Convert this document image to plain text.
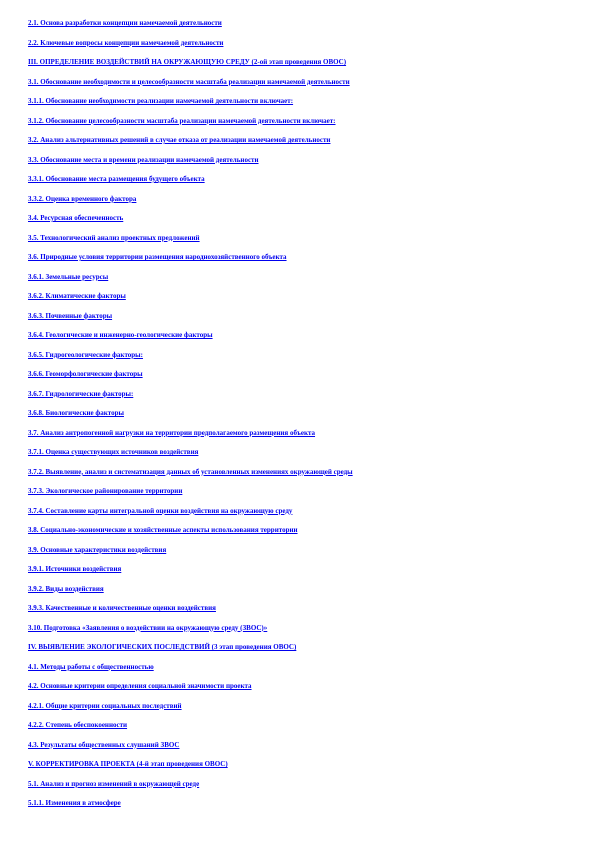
2.1. Основа разработки концепции намечаемой деятельности
2.2. Ключевые вопросы концепции намечаемой деятельности
III. ОПРЕДЕЛЕНИЕ ВОЗДЕЙСТВИЙ НА ОКРУЖАЮЩУЮ СРЕДУ (2-ой этап проведения ОВОС)
3.1. Обоснование необходимости и целесообразности масштаба реализации намечаемой деятельности
3.1.1. Обоснование необходимости реализации намечаемой деятельности включает:
3.1.2. Обоснование целесообразности масштаба реализации намечаемой деятельности включает:
3.2. Анализ альтернативных решений в случае отказа от реализации намечаемой деятельности
3.3. Обоснование места и времени реализации намечаемой деятельности
3.3.1. Обоснование места размещения будущего объекта
3.3.2. Оценка временного фактора
3.4. Ресурсная обеспеченность
3.5. Технологический анализ проектных предложений
3.6. Природные условия территории размещения народнохозяйственного объекта
3.6.1. Земельные ресурсы
3.6.2. Климатические факторы
3.6.3. Почвенные факторы
3.6.4. Геологические и инженерно-геологические факторы
3.6.5. Гидрогеологические факторы:
3.6.6. Геоморфологические факторы
3.6.7. Гидрологические факторы:
3.6.8. Биологические факторы
3.7. Анализ антропогенной нагрузки на территории предполагаемого размещения объекта
3.7.1. Оценка существующих источников воздействия
3.7.2. Выявление, анализ и систематизация данных об установленных изменениях окружающей среды
3.7.3. Экологическое районирование территории
3.7.4. Составление карты интегральной оценки воздействия на окружающую среду
3.8. Социально-экономические и хозяйственные аспекты использования территории
3.9. Основные характеристики воздействия
3.9.1. Источники воздействия
3.9.2. Виды воздействия
3.9.3. Качественные и количественные оценки воздействия
3.10. Подготовка «Заявления о воздействии на окружающую среду (ЗВОС)»
IV. ВЫЯВЛЕНИЕ ЭКОЛОГИЧЕСКИХ ПОСЛЕДСТВИЙ (3 этап проведения ОВОС)
4.1. Методы работы с общественностью
4.2. Основные критерии определения социальной значимости проекта
4.2.1. Общие критерии социальных последствий
4.2.2. Степень обеспокоенности
4.3. Результаты общественных слушаний ЗВОС
V. КОРРЕКТИРОВКА ПРОЕКТА (4-й этап проведения ОВОС)
5.1. Анализ и прогноз изменений в окружающей среде
5.1.1. Изменения в атмосфере
